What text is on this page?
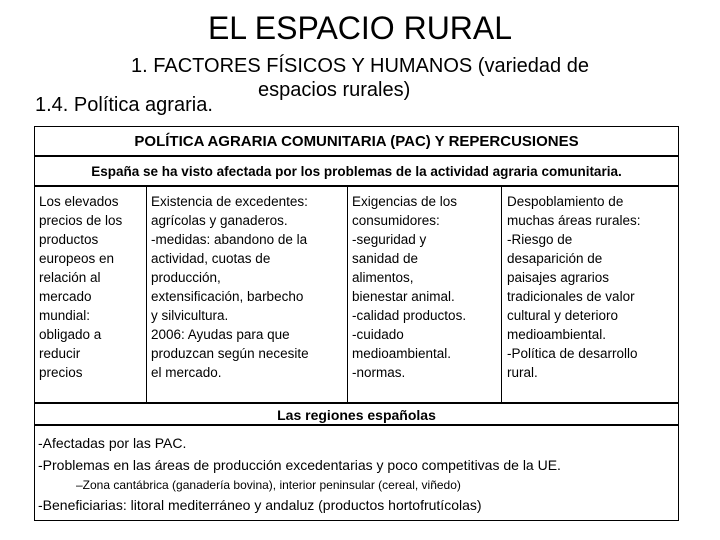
EL ESPACIO RURAL
1. FACTORES FÍSICOS Y HUMANOS (variedad de
espacios rurales)
1.4. Política agraria.
POLÍTICA AGRARIA COMUNITARIA (PAC) Y REPERCUSIONES
España se ha visto afectada por los problemas de la actividad agraria comunitaria.
Los elevados
precios de los
productos
europeos en
relación al
mercado
mundial:
obligado a
reducir
precios
Existencia de excedentes:
agrícolas y ganaderos.
-medidas: abandono de la
actividad, cuotas de
producción,
extensificación, barbecho
y silvicultura.
2006: Ayudas para que
produzcan según necesite
el mercado.
Exigencias de los
consumidores:
-seguridad y
sanidad de
alimentos,
bienestar animal.
-calidad productos.
-cuidado
medioambiental.
-normas.
Despoblamiento de
muchas áreas rurales:
-Riesgo de
desaparición de
paisajes agrarios
tradicionales de valor
cultural y deterioro
medioambiental.
-Política de desarrollo
rural.
Las regiones españolas
-Afectadas por las PAC.
-Problemas en las áreas de producción excedentarias y poco competitivas de la UE.
–Zona cantábrica (ganadería bovina), interior peninsular (cereal, viñedo)
-Beneficiarias: litoral mediterráneo y andaluz (productos hortofrutícolas)
